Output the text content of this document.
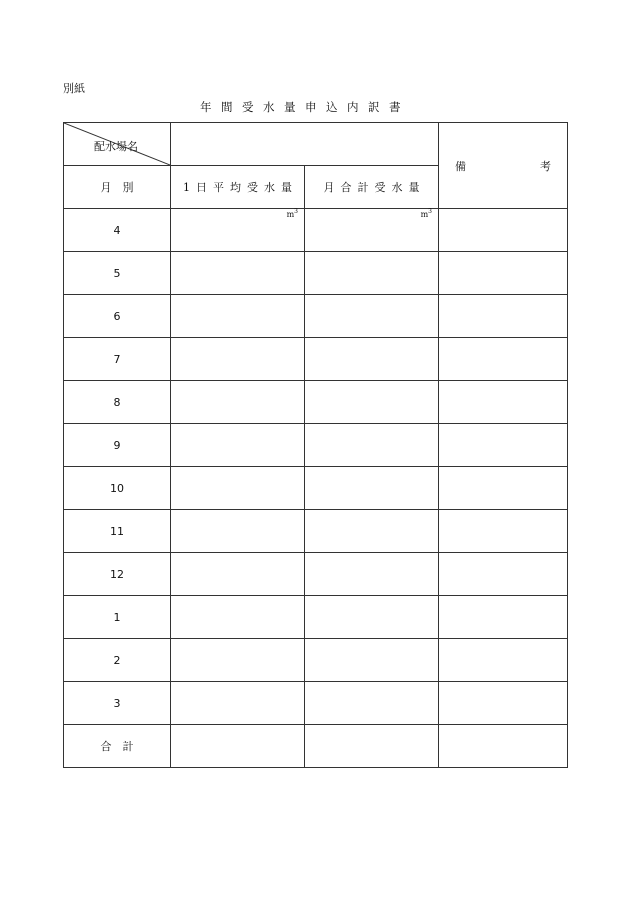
別紙
年間受水量申込内訳書
配水場名			備 考

月　別	1日平均受水量	月合計受水量	
4	$m^3$	$m^3$

5			
6			
7			
8			
9			
10			
11			
12			
1			
2			
3			
合　計			
